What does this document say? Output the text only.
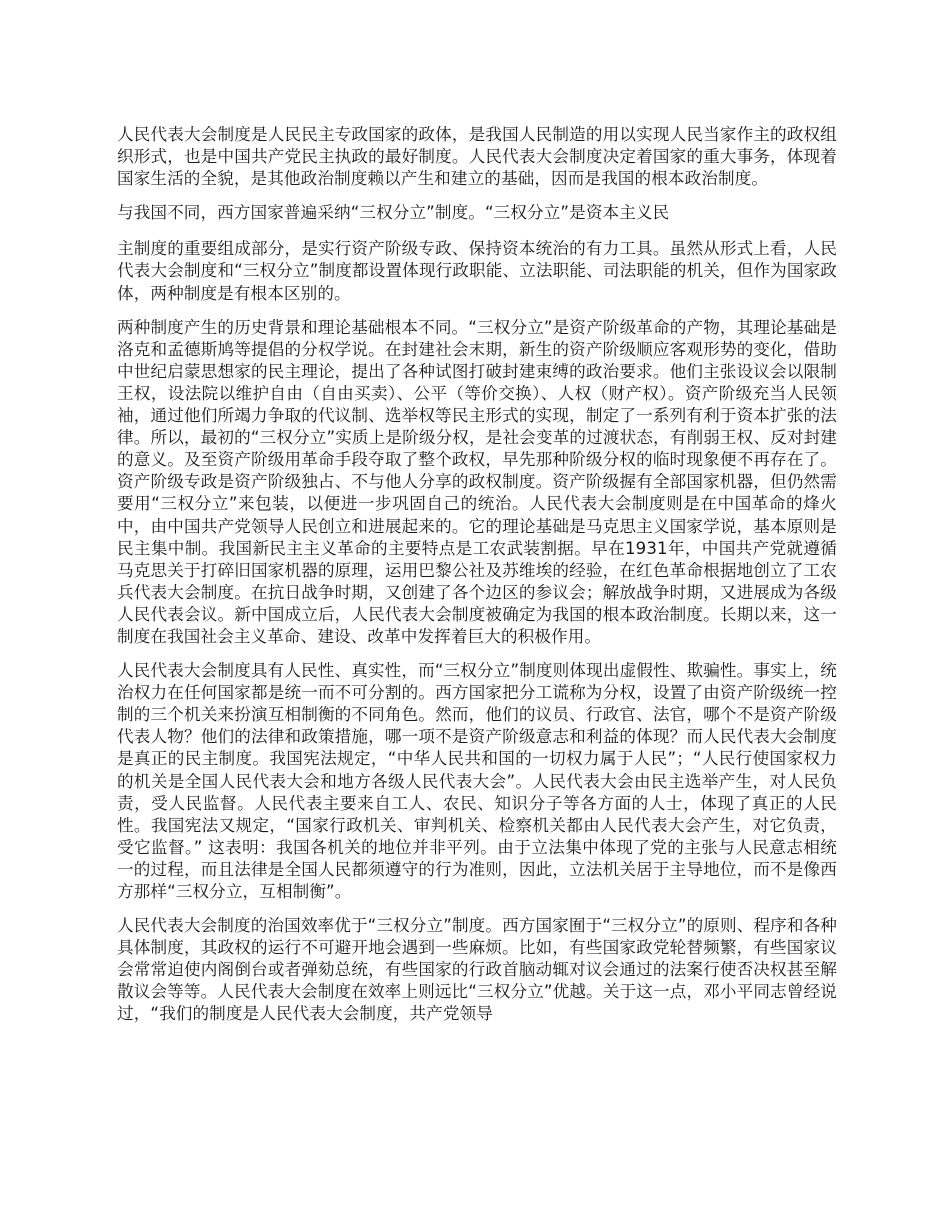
人民代表大会制度是人民民主专政国家的政体，是我国人民制造的用以实现人民当家作主的政权组织形式，也是中国共产党民主执政的最好制度。人民代表大会制度决定着国家的重大事务，体现着国家生活的全貌，是其他政治制度赖以产生和建立的基础，因而是我国的根本政治制度。

与我国不同，西方国家普遍采纳“三权分立”制度。“三权分立”是资本主义民

主制度的重要组成部分，是实行资产阶级专政、保持资本统治的有力工具。虽然从形式上看，人民代表大会制度和“三权分立”制度都设置体现行政职能、立法职能、司法职能的机关，但作为国家政体，两种制度是有根本区别的。

两种制度产生的历史背景和理论基础根本不同。“三权分立”是资产阶级革命的产物，其理论基础是洛克和孟德斯鸠等提倡的分权学说。在封建社会末期，新生的资产阶级顺应客观形势的变化，借助中世纪启蒙思想家的民主理论，提出了各种试图打破封建束缚的政治要求。他们主张设议会以限制王权，设法院以维护自由（自由买卖）、公平（等价交换）、人权（财产权）。资产阶级充当人民领袖，通过他们所竭力争取的代议制、选举权等民主形式的实现，制定了一系列有利于资本扩张的法律。所以，最初的“三权分立”实质上是阶级分权，是社会变革的过渡状态，有削弱王权、反对封建的意义。及至资产阶级用革命手段夺取了整个政权，早先那种阶级分权的临时现象便不再存在了。资产阶级专政是资产阶级独占、不与他人分享的政权制度。资产阶级握有全部国家机器，但仍然需要用“三权分立”来包装，以便进一步巩固自己的统治。人民代表大会制度则是在中国革命的烽火中，由中国共产党领导人民创立和进展起来的。它的理论基础是马克思主义国家学说，基本原则是民主集中制。我国新民主主义革命的主要特点是工农武装割据。早在1931年，中国共产党就遵循马克思关于打碎旧国家机器的原理，运用巴黎公社及苏维埃的经验，在红色革命根据地创立了工农兵代表大会制度。在抗日战争时期，又创建了各个边区的参议会；解放战争时期，又进展成为各级人民代表会议。新中国成立后，人民代表大会制度被确定为我国的根本政治制度。长期以来，这一制度在我国社会主义革命、建设、改革中发挥着巨大的积极作用。

人民代表大会制度具有人民性、真实性，而“三权分立”制度则体现出虚假性、欺骗性。事实上，统治权力在任何国家都是统一而不可分割的。西方国家把分工谎称为分权，设置了由资产阶级统一控制的三个机关来扮演互相制衡的不同角色。然而，他们的议员、行政官、法官，哪个不是资产阶级代表人物？他们的法律和政策措施，哪一项不是资产阶级意志和利益的体现？而人民代表大会制度是真正的民主制度。我国宪法规定，“中华人民共和国的一切权力属于人民”；“人民行使国家权力的机关是全国人民代表大会和地方各级人民代表大会”。人民代表大会由民主选举产生，对人民负责，受人民监督。人民代表主要来自工人、农民、知识分子等各方面的人士，体现了真正的人民性。我国宪法又规定，“国家行政机关、审判机关、检察机关都由人民代表大会产生，对它负责，受它监督。” 这表明：我国各机关的地位并非平列。由于立法集中体现了党的主张与人民意志相统一的过程，而且法律是全国人民都须遵守的行为准则，因此，立法机关居于主导地位，而不是像西方那样“三权分立，互相制衡”。

人民代表大会制度的治国效率优于“三权分立”制度。西方国家囿于“三权分立”的原则、程序和各种具体制度，其政权的运行不可避开地会遇到一些麻烦。比如，有些国家政党轮替频繁，有些国家议会常常迫使内阁倒台或者弹劾总统，有些国家的行政首脑动辄对议会通过的法案行使否决权甚至解散议会等等。人民代表大会制度在效率上则远比“三权分立”优越。关于这一点，邓小平同志曾经说过，“我们的制度是人民代表大会制度，共产党领导
